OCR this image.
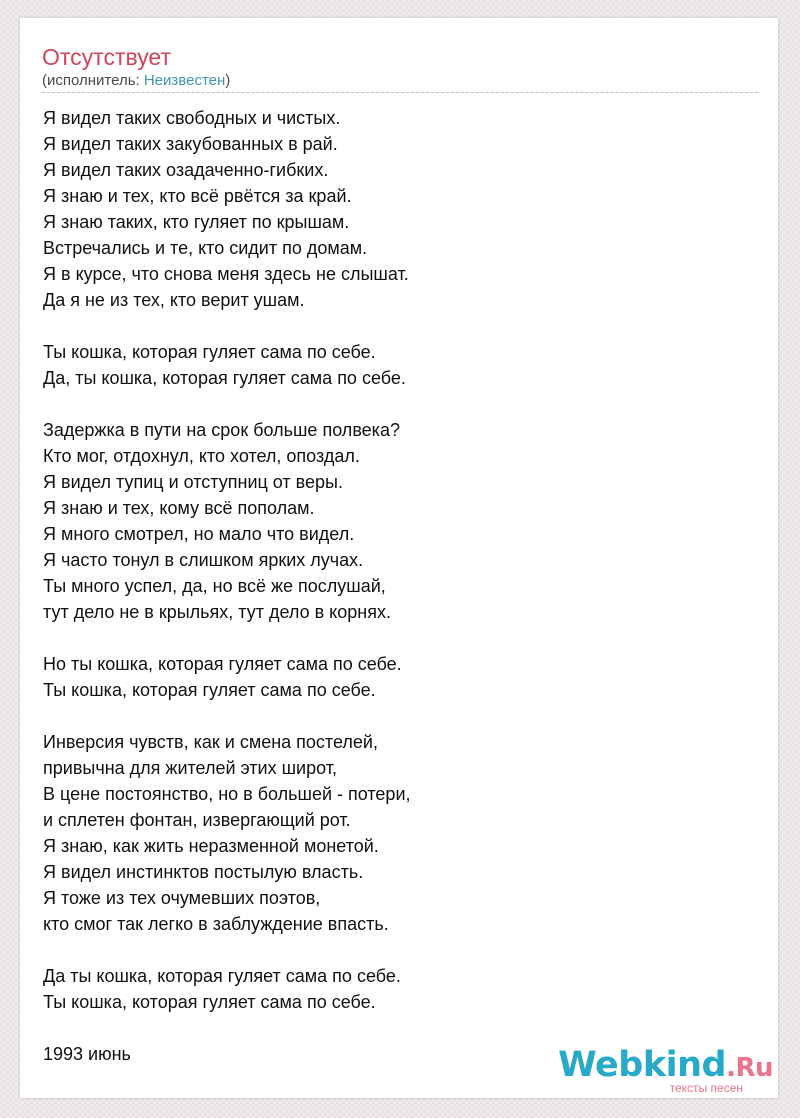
Отсутствует
(исполнитель: Неизвестен)
Я видел таких свободных и чистых.
Я видел таких закубованных в рай.
Я видел таких озадаченно-гибких.
Я знаю и тех, кто всё рвётся за край.
Я знаю таких, кто гуляет по крышам.
Встречались и те, кто сидит по домам.
Я в курсе, что снова меня здесь не слышат.
Да я не из тех, кто верит ушам.

Ты кошка, которая гуляет сама по себе.
Да, ты кошка, которая гуляет сама по себе.

Задержка в пути на срок больше полвека?
Кто мог, отдохнул, кто хотел, опоздал.
Я видел тупиц и отступниц от веры.
Я знаю и тех, кому всё пополам.
Я много смотрел, но мало что видел.
Я часто тонул в слишком ярких лучах.
Ты много успел, да, но всё же послушай,
тут дело не в крыльях, тут дело в корнях.

Но ты кошка, которая гуляет сама по себе.
Ты кошка, которая гуляет сама по себе.

Инверсия чувств, как и смена постелей,
привычна для жителей этих широт,
В цене постоянство, но в большей - потери,
и сплетен фонтан, извергающий рот.
Я знаю, как жить неразменной монетой.
Я видел инстинктов постылую власть.
Я тоже из тех очумевших поэтов,
кто смог так легко в заблуждение впасть.

Да ты кошка, которая гуляет сама по себе.
Ты кошка, которая гуляет сама по себе.

1993 июнь	Webkind.Ru
тексты песен
